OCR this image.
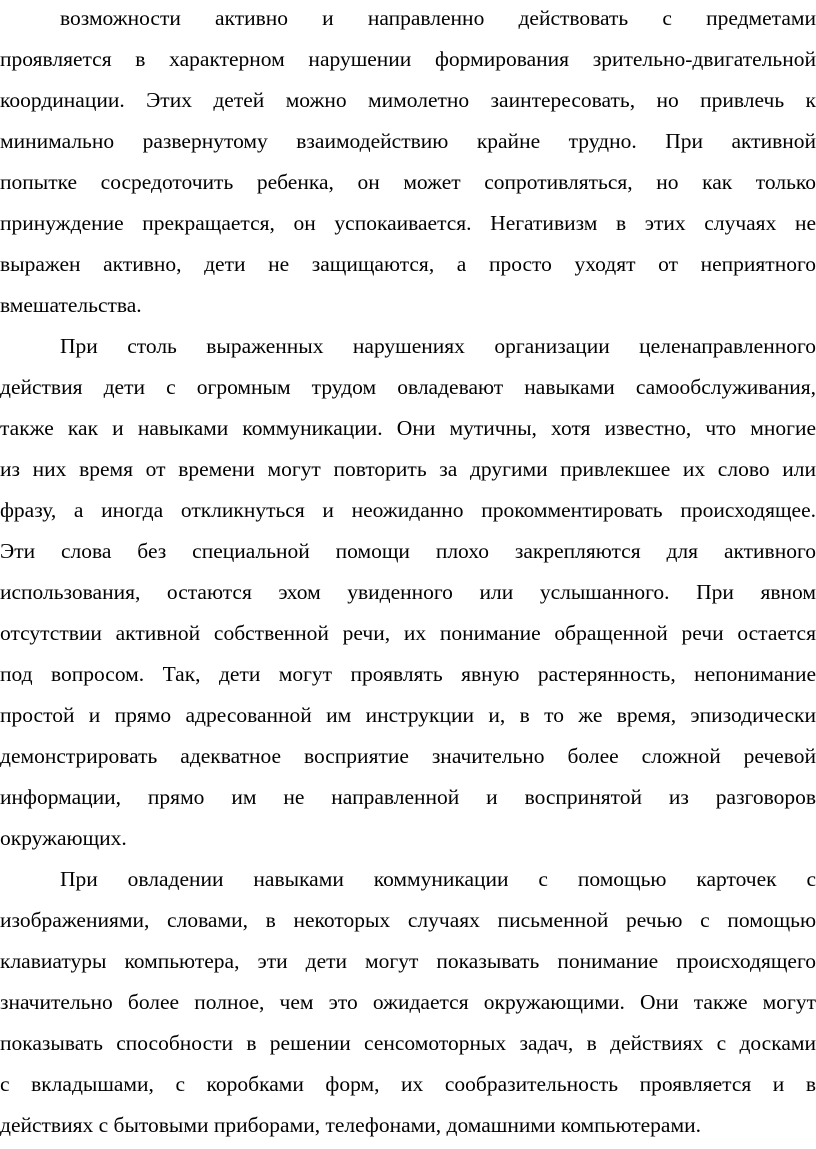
возможности активно и направленно действовать с предметами
проявляется в характерном нарушении формирования зрительно-двигательной
координации. Этих детей можно мимолетно заинтересовать, но привлечь к
минимально развернутому взаимодействию крайне трудно. При активной
попытке сосредоточить ребенка, он может сопротивляться, но как только
принуждение прекращается, он успокаивается. Негативизм в этих случаях не
выражен активно, дети не защищаются, а просто уходят от неприятного
вмешательства.
При столь выраженных нарушениях организации целенаправленного
действия дети с огромным трудом овладевают навыками самообслуживания,
также как и навыками коммуникации. Они мутичны, хотя известно, что многие
из них время от времени могут повторить за другими привлекшее их слово или
фразу, а иногда откликнуться и неожиданно прокомментировать происходящее.
Эти слова без специальной помощи плохо закрепляются для активного
использования, остаются эхом увиденного или услышанного. При явном
отсутствии активной собственной речи, их понимание обращенной речи остается
под вопросом. Так, дети могут проявлять явную растерянность, непонимание
простой и прямо адресованной им инструкции и, в то же время, эпизодически
демонстрировать адекватное восприятие значительно более сложной речевой
информации, прямо им не направленной и воспринятой из разговоров
окружающих.
При овладении навыками коммуникации с помощью карточек с
изображениями, словами, в некоторых случаях письменной речью с помощью
клавиатуры компьютера, эти дети могут показывать понимание происходящего
значительно более полное, чем это ожидается окружающими. Они также могут
показывать способности в решении сенсомоторных задач, в действиях с досками
с вкладышами, с коробками форм, их сообразительность проявляется и в
действиях с бытовыми приборами, телефонами, домашними компьютерами.
